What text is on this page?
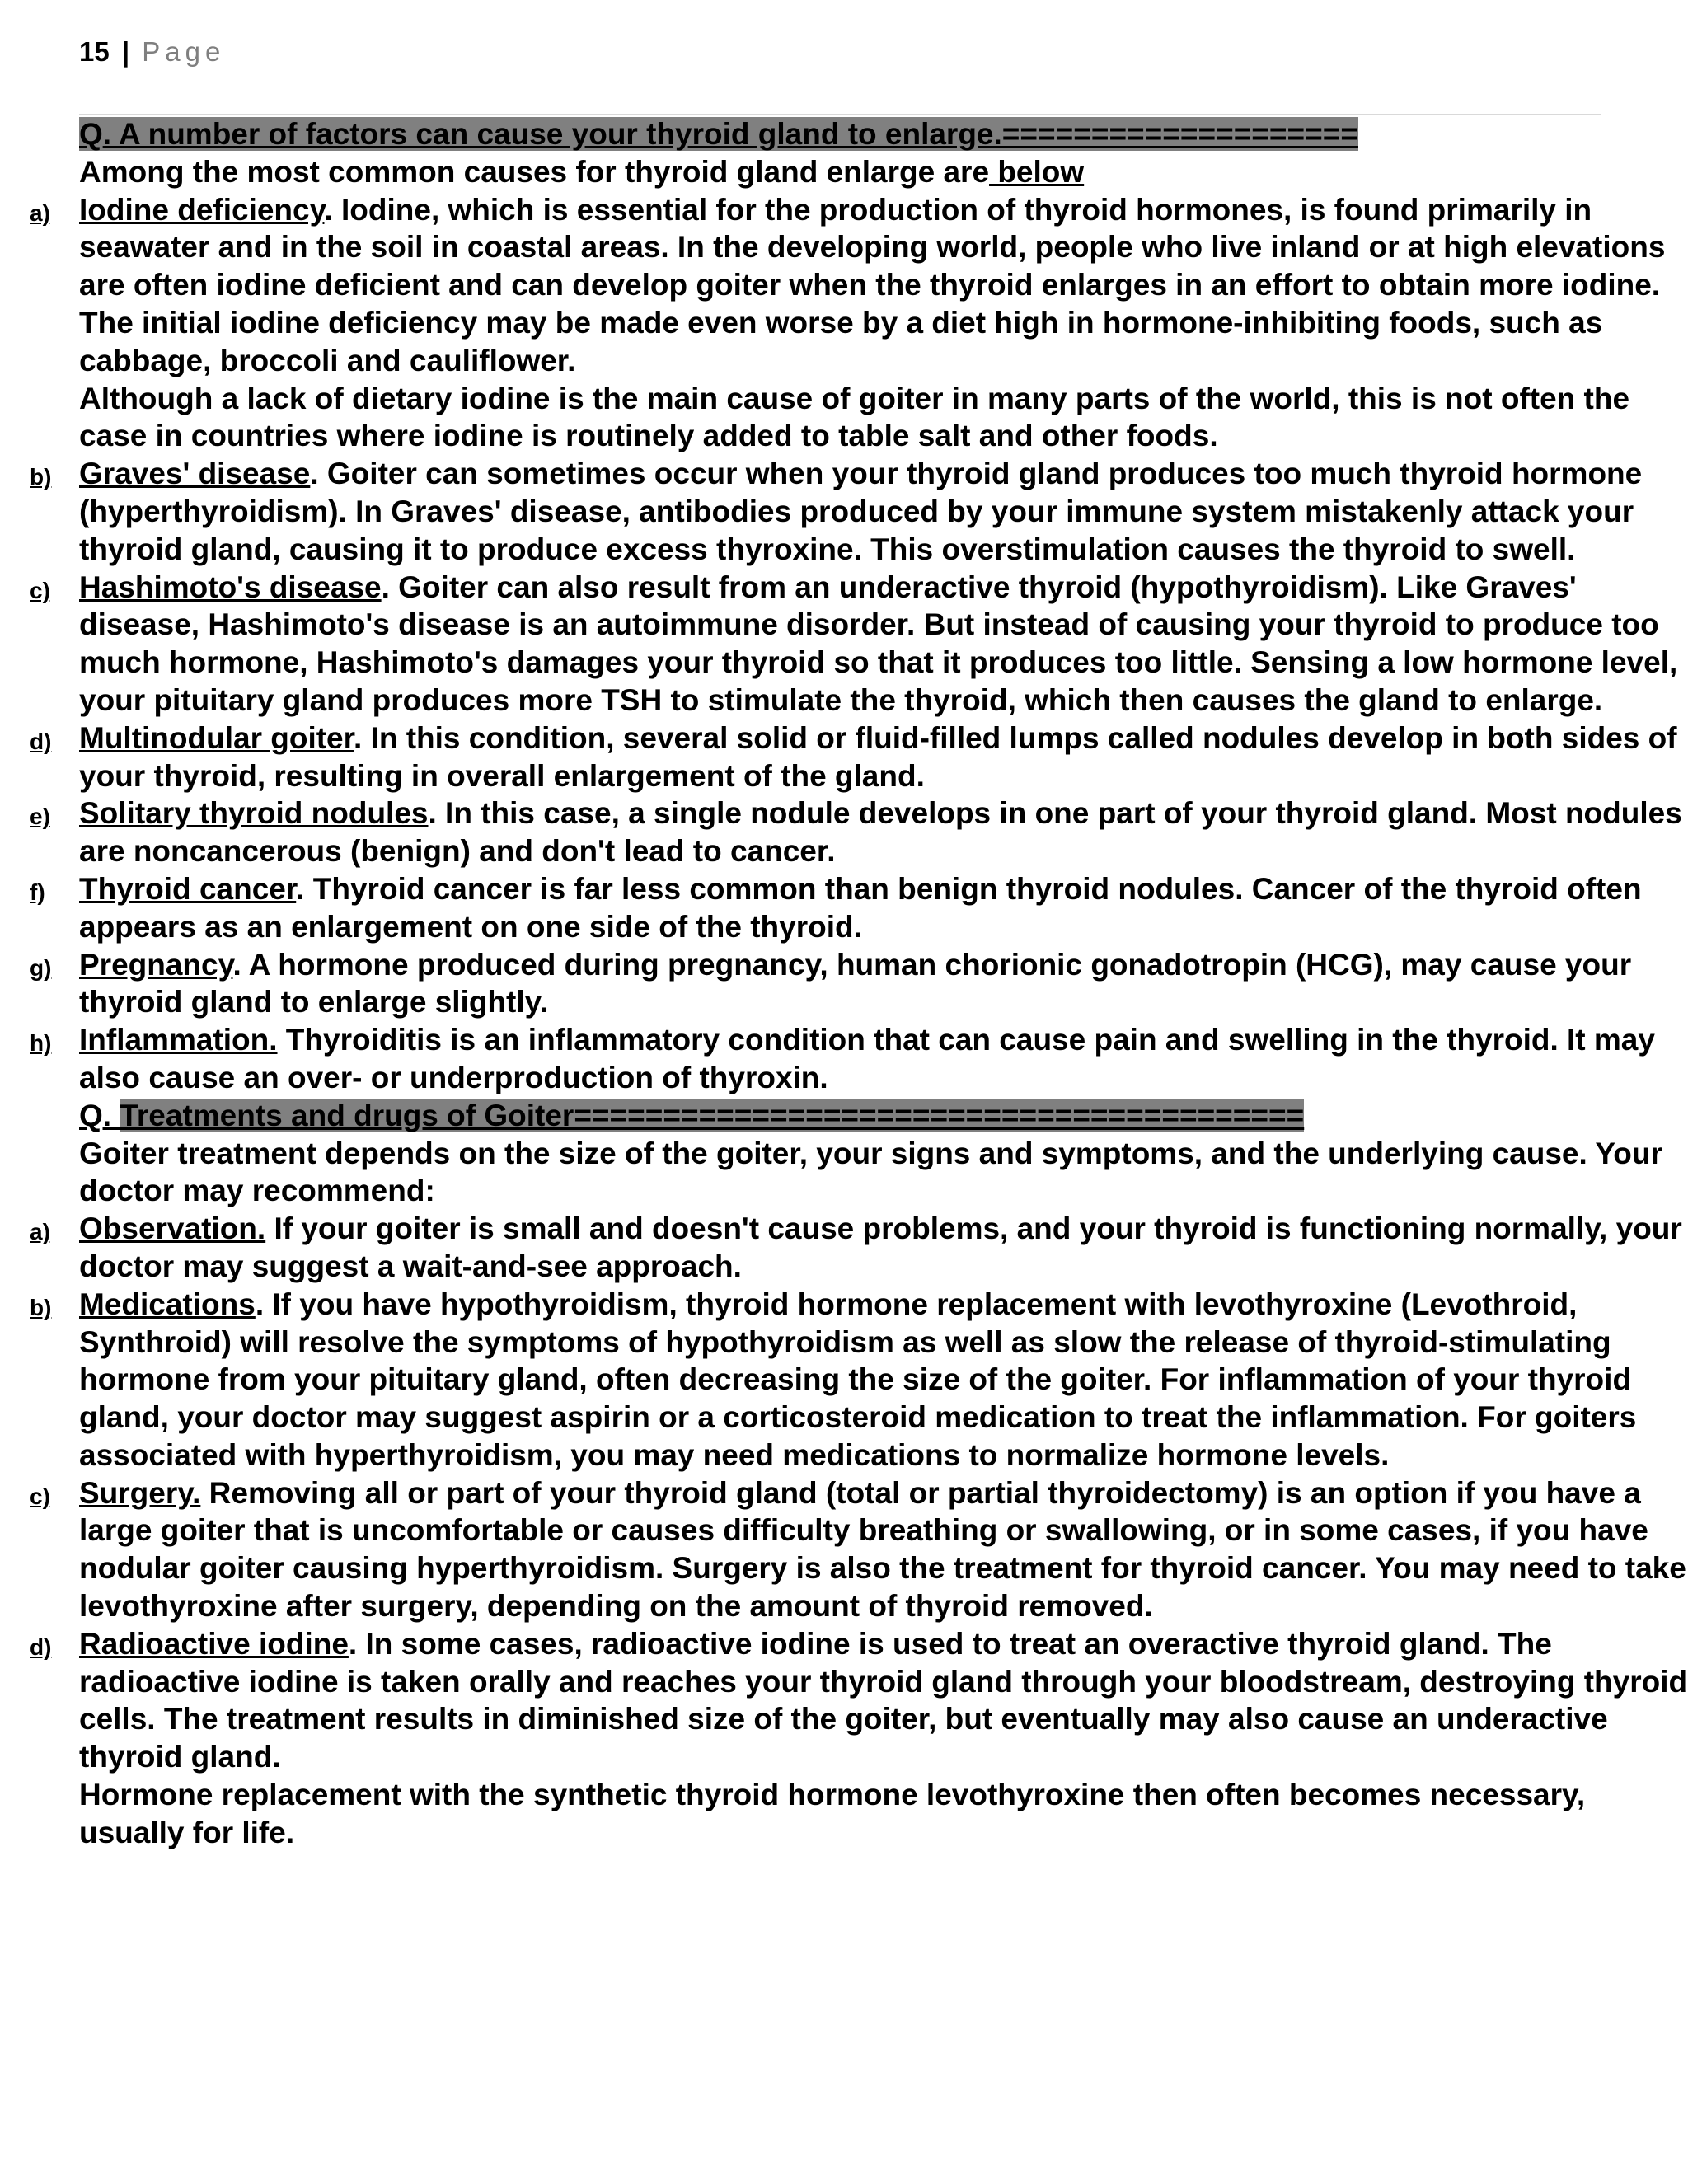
15 | Page
Q. A number of factors can cause your thyroid gland to enlarge.====================
Among the most common causes for thyroid gland enlarge are below
a) Iodine deficiency. Iodine, which is essential for the production of thyroid hormones, is found primarily in seawater and in the soil in coastal areas. In the developing world, people who live inland or at high elevations are often iodine deficient and can develop goiter when the thyroid enlarges in an effort to obtain more iodine. The initial iodine deficiency may be made even worse by a diet high in hormone-inhibiting foods, such as cabbage, broccoli and cauliflower.
Although a lack of dietary iodine is the main cause of goiter in many parts of the world, this is not often the case in countries where iodine is routinely added to table salt and other foods.
b) Graves' disease. Goiter can sometimes occur when your thyroid gland produces too much thyroid hormone (hyperthyroidism). In Graves' disease, antibodies produced by your immune system mistakenly attack your thyroid gland, causing it to produce excess thyroxine. This overstimulation causes the thyroid to swell.
c) Hashimoto's disease. Goiter can also result from an underactive thyroid (hypothyroidism). Like Graves' disease, Hashimoto's disease is an autoimmune disorder. But instead of causing your thyroid to produce too much hormone, Hashimoto's damages your thyroid so that it produces too little. Sensing a low hormone level, your pituitary gland produces more TSH to stimulate the thyroid, which then causes the gland to enlarge.
d) Multinodular goiter. In this condition, several solid or fluid-filled lumps called nodules develop in both sides of your thyroid, resulting in overall enlargement of the gland.
e) Solitary thyroid nodules. In this case, a single nodule develops in one part of your thyroid gland. Most nodules are noncancerous (benign) and don't lead to cancer.
f) Thyroid cancer. Thyroid cancer is far less common than benign thyroid nodules. Cancer of the thyroid often appears as an enlargement on one side of the thyroid.
g) Pregnancy. A hormone produced during pregnancy, human chorionic gonadotropin (HCG), may cause your thyroid gland to enlarge slightly.
h) Inflammation. Thyroiditis is an inflammatory condition that can cause pain and swelling in the thyroid. It may also cause an over- or underproduction of thyroxin.
Q. Treatments and drugs of Goiter=========================================
Goiter treatment depends on the size of the goiter, your signs and symptoms, and the underlying cause. Your doctor may recommend:
a) Observation. If your goiter is small and doesn't cause problems, and your thyroid is functioning normally, your doctor may suggest a wait-and-see approach.
b) Medications. If you have hypothyroidism, thyroid hormone replacement with levothyroxine (Levothroid, Synthroid) will resolve the symptoms of hypothyroidism as well as slow the release of thyroid-stimulating hormone from your pituitary gland, often decreasing the size of the goiter. For inflammation of your thyroid gland, your doctor may suggest aspirin or a corticosteroid medication to treat the inflammation. For goiters associated with hyperthyroidism, you may need medications to normalize hormone levels.
c) Surgery. Removing all or part of your thyroid gland (total or partial thyroidectomy) is an option if you have a large goiter that is uncomfortable or causes difficulty breathing or swallowing, or in some cases, if you have nodular goiter causing hyperthyroidism. Surgery is also the treatment for thyroid cancer. You may need to take levothyroxine after surgery, depending on the amount of thyroid removed.
d) Radioactive iodine. In some cases, radioactive iodine is used to treat an overactive thyroid gland. The radioactive iodine is taken orally and reaches your thyroid gland through your bloodstream, destroying thyroid cells. The treatment results in diminished size of the goiter, but eventually may also cause an underactive thyroid gland.
Hormone replacement with the synthetic thyroid hormone levothyroxine then often becomes necessary, usually for life.
